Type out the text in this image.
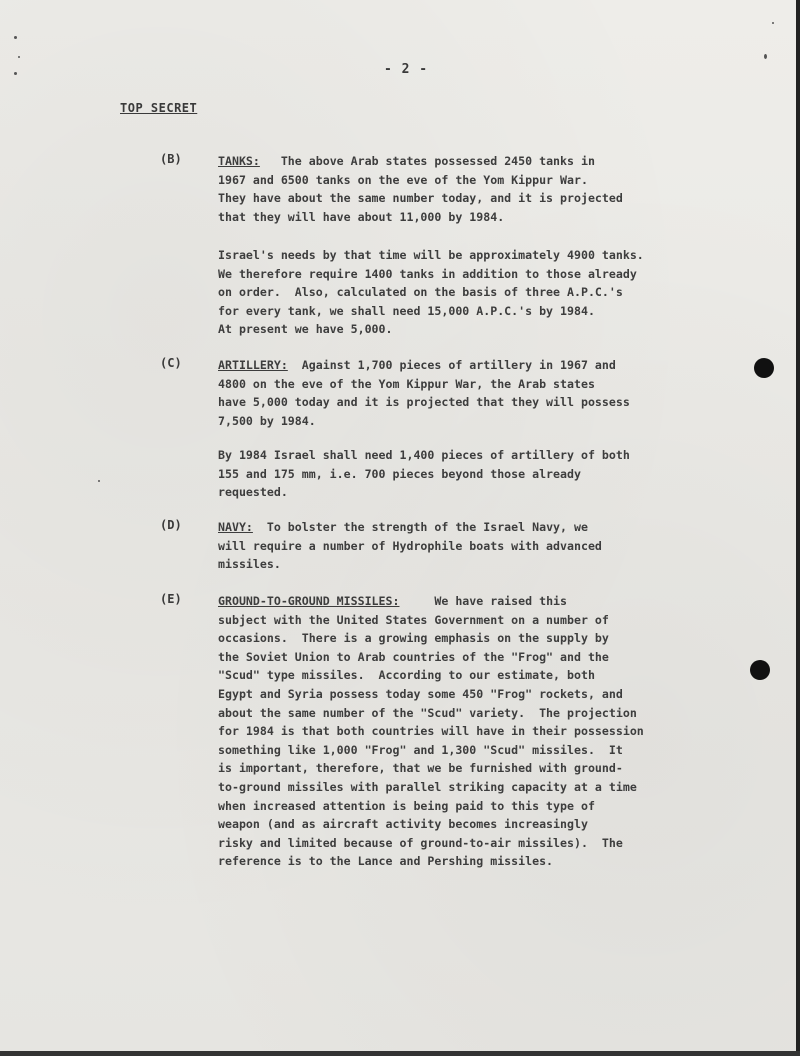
- 2 -
TOP SECRET
(B)	TANKS:   The above Arab states possessed 2450 tanks in
1967 and 6500 tanks on the eve of the Yom Kippur War.
They have about the same number today, and it is projected
that they will have about 11,000 by 1984.
Israel's needs by that time will be approximately 4900 tanks.
We therefore require 1400 tanks in addition to those already
on order.  Also, calculated on the basis of three A.P.C.'s
for every tank, we shall need 15,000 A.P.C.'s by 1984.
At present we have 5,000.
(C)	ARTILLERY:  Against 1,700 pieces of artillery in 1967 and
4800 on the eve of the Yom Kippur War, the Arab states
have 5,000 today and it is projected that they will possess
7,500 by 1984.
By 1984 Israel shall need 1,400 pieces of artillery of both
155 and 175 mm, i.e. 700 pieces beyond those already
requested.
(D)	NAVY:  To bolster the strength of the Israel Navy, we
will require a number of Hydrophile boats with advanced
missiles.
(E)	GROUND-TO-GROUND MISSILES:	We have raised this
subject with the United States Government on a number of
occasions.  There is a growing emphasis on the supply by
the Soviet Union to Arab countries of the "Frog" and the
"Scud" type missiles.  According to our estimate, both
Egypt and Syria possess today some 450 "Frog" rockets, and
about the same number of the "Scud" variety.  The projection
for 1984 is that both countries will have in their possession
something like 1,000 "Frog" and 1,300 "Scud" missiles.  It
is important, therefore, that we be furnished with ground-
to-ground missiles with parallel striking capacity at a time
when increased attention is being paid to this type of
weapon (and as aircraft activity becomes increasingly
risky and limited because of ground-to-air missiles).  The
reference is to the Lance and Pershing missiles.
